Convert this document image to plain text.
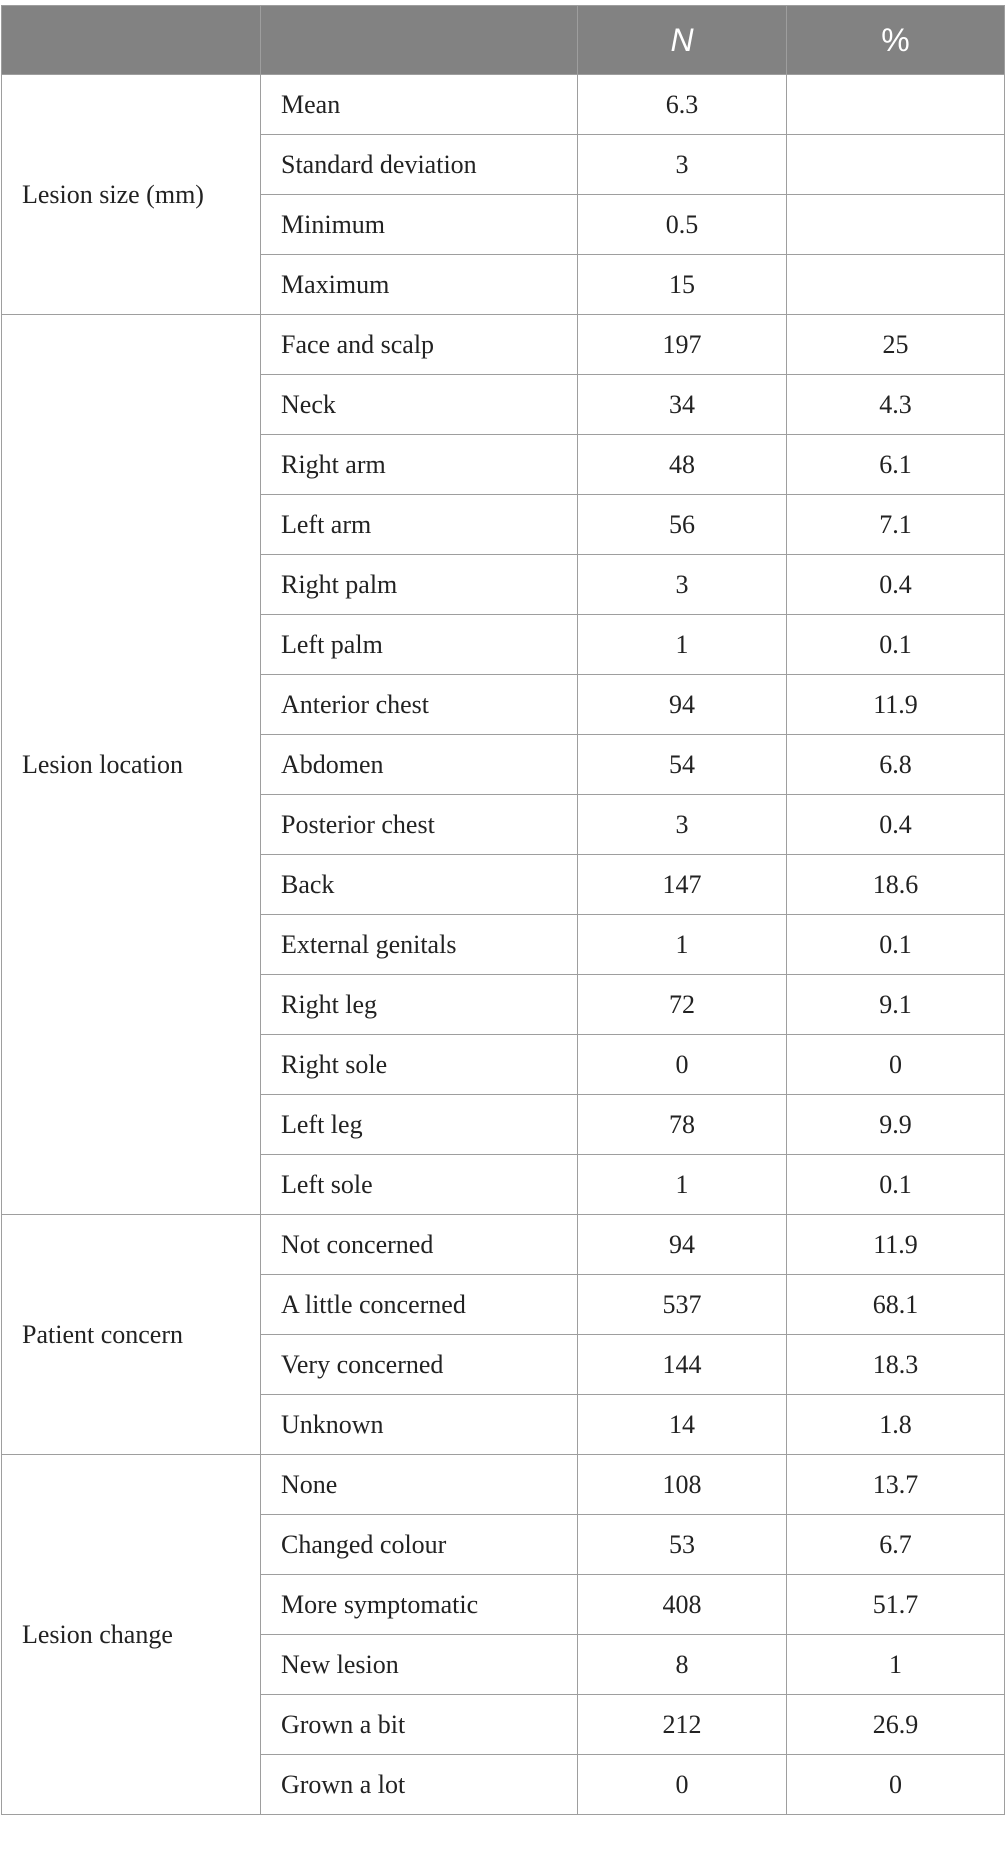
		N	%
Lesion size (mm)	Mean	6.3	
	Standard deviation	3	
	Minimum	0.5	
	Maximum	15	
Lesion location	Face and scalp	197	25
	Neck	34	4.3
	Right arm	48	6.1
	Left arm	56	7.1
	Right palm	3	0.4
	Left palm	1	0.1
	Anterior chest	94	11.9
	Abdomen	54	6.8
	Posterior chest	3	0.4
	Back	147	18.6
	External genitals	1	0.1
	Right leg	72	9.1
	Right sole	0	0
	Left leg	78	9.9
	Left sole	1	0.1
Patient concern	Not concerned	94	11.9
	A little concerned	537	68.1
	Very concerned	144	18.3
	Unknown	14	1.8
Lesion change	None	108	13.7
	Changed colour	53	6.7
	More symptomatic	408	51.7
	New lesion	8	1
	Grown a bit	212	26.9
	Grown a lot	0	0
